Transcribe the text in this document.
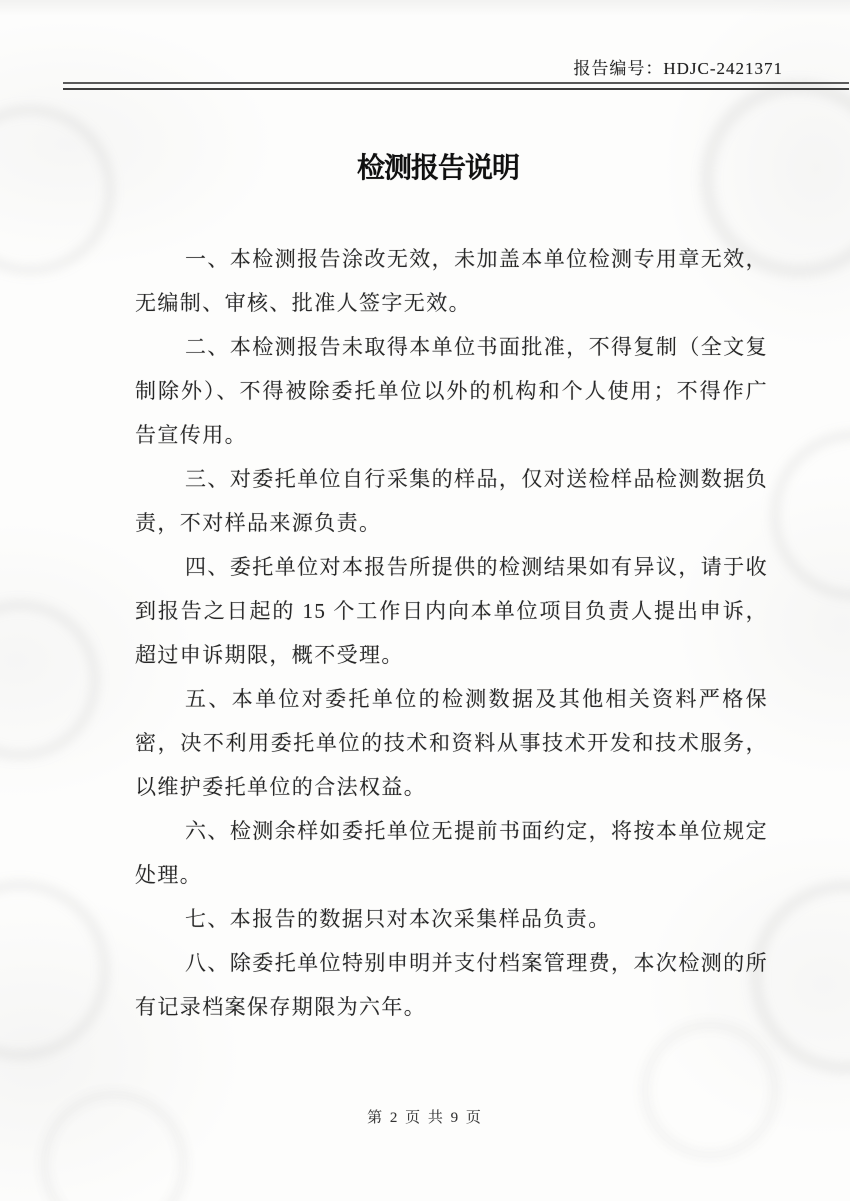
报告编号：HDJC-2421371
检测报告说明

一、本检测报告涂改无效，未加盖本单位检测专用章无效，无编制、审核、批准人签字无效。

二、本检测报告未取得本单位书面批准，不得复制（全文复制除外）、不得被除委托单位以外的机构和个人使用；不得作广告宣传用。

三、对委托单位自行采集的样品，仅对送检样品检测数据负责，不对样品来源负责。

四、委托单位对本报告所提供的检测结果如有异议，请于收到报告之日起的 15 个工作日内向本单位项目负责人提出申诉，超过申诉期限，概不受理。

五、本单位对委托单位的检测数据及其他相关资料严格保密，决不利用委托单位的技术和资料从事技术开发和技术服务，以维护委托单位的合法权益。

六、检测余样如委托单位无提前书面约定，将按本单位规定处理。

七、本报告的数据只对本次采集样品负责。

八、除委托单位特别申明并支付档案管理费，本次检测的所有记录档案保存期限为六年。

第 2 页 共 9 页
